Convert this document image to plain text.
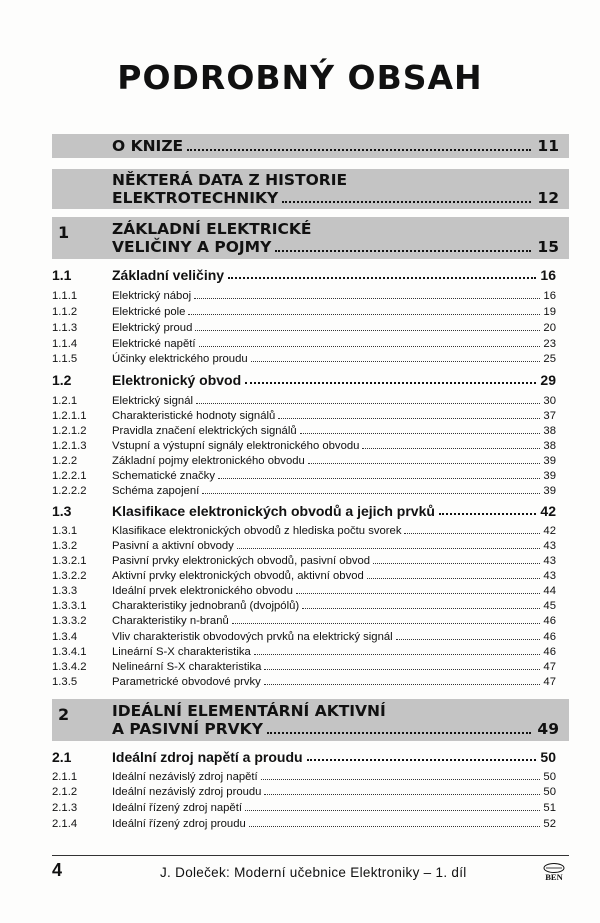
PODROBNÝ OBSAH
O KNIZE	11
NĚKTERÁ DATA Z HISTORIE
ELEKTROTECHNIKY	12
1	ZÁKLADNÍ ELEKTRICKÉ
VELIČINY A POJMY	15
1.1	Základní veličiny	16
1.1.1	Elektrický náboj	16
1.1.2	Elektrické pole	19
1.1.3	Elektrický proud	20
1.1.4	Elektrické napětí	23
1.1.5	Účinky elektrického proudu	25
1.2	Elektronický obvod	29
1.2.1	Elektrický signál	30
1.2.1.1	Charakteristické hodnoty signálů	37
1.2.1.2	Pravidla značení elektrických signálů	38
1.2.1.3	Vstupní a výstupní signály elektronického obvodu	38
1.2.2	Základní pojmy elektronického obvodu	39
1.2.2.1	Schematické značky	39
1.2.2.2	Schéma zapojení	39
1.3	Klasifikace elektronických obvodů a jejich prvků	42
1.3.1	Klasifikace elektronických obvodů z hlediska počtu svorek	42
1.3.2	Pasivní a aktivní obvody	43
1.3.2.1	Pasivní prvky elektronických obvodů, pasivní obvod	43
1.3.2.2	Aktivní prvky elektronických obvodů, aktivní obvod	43
1.3.3	Ideální prvek elektronického obvodu	44
1.3.3.1	Charakteristiky jednobranů (dvojpólů)	45
1.3.3.2	Charakteristiky n-branů	46
1.3.4	Vliv charakteristik obvodových prvků na elektrický signál	46
1.3.4.1	Lineární S-X charakteristika	46
1.3.4.2	Nelineární S-X charakteristika	47
1.3.5	Parametrické obvodové prvky	47
2	IDEÁLNÍ ELEMENTÁRNÍ AKTIVNÍ
A PASIVNÍ PRVKY	49
2.1	Ideální zdroj napětí a proudu	50
2.1.1	Ideální nezávislý zdroj napětí	50
2.1.2	Ideální nezávislý zdroj proudu	50
2.1.3	Ideální řízený zdroj napětí	51
2.1.4	Ideální řízený zdroj proudu	52
4	J. Doleček: Moderní učebnice Elektroniky – 1. díl	BEN
